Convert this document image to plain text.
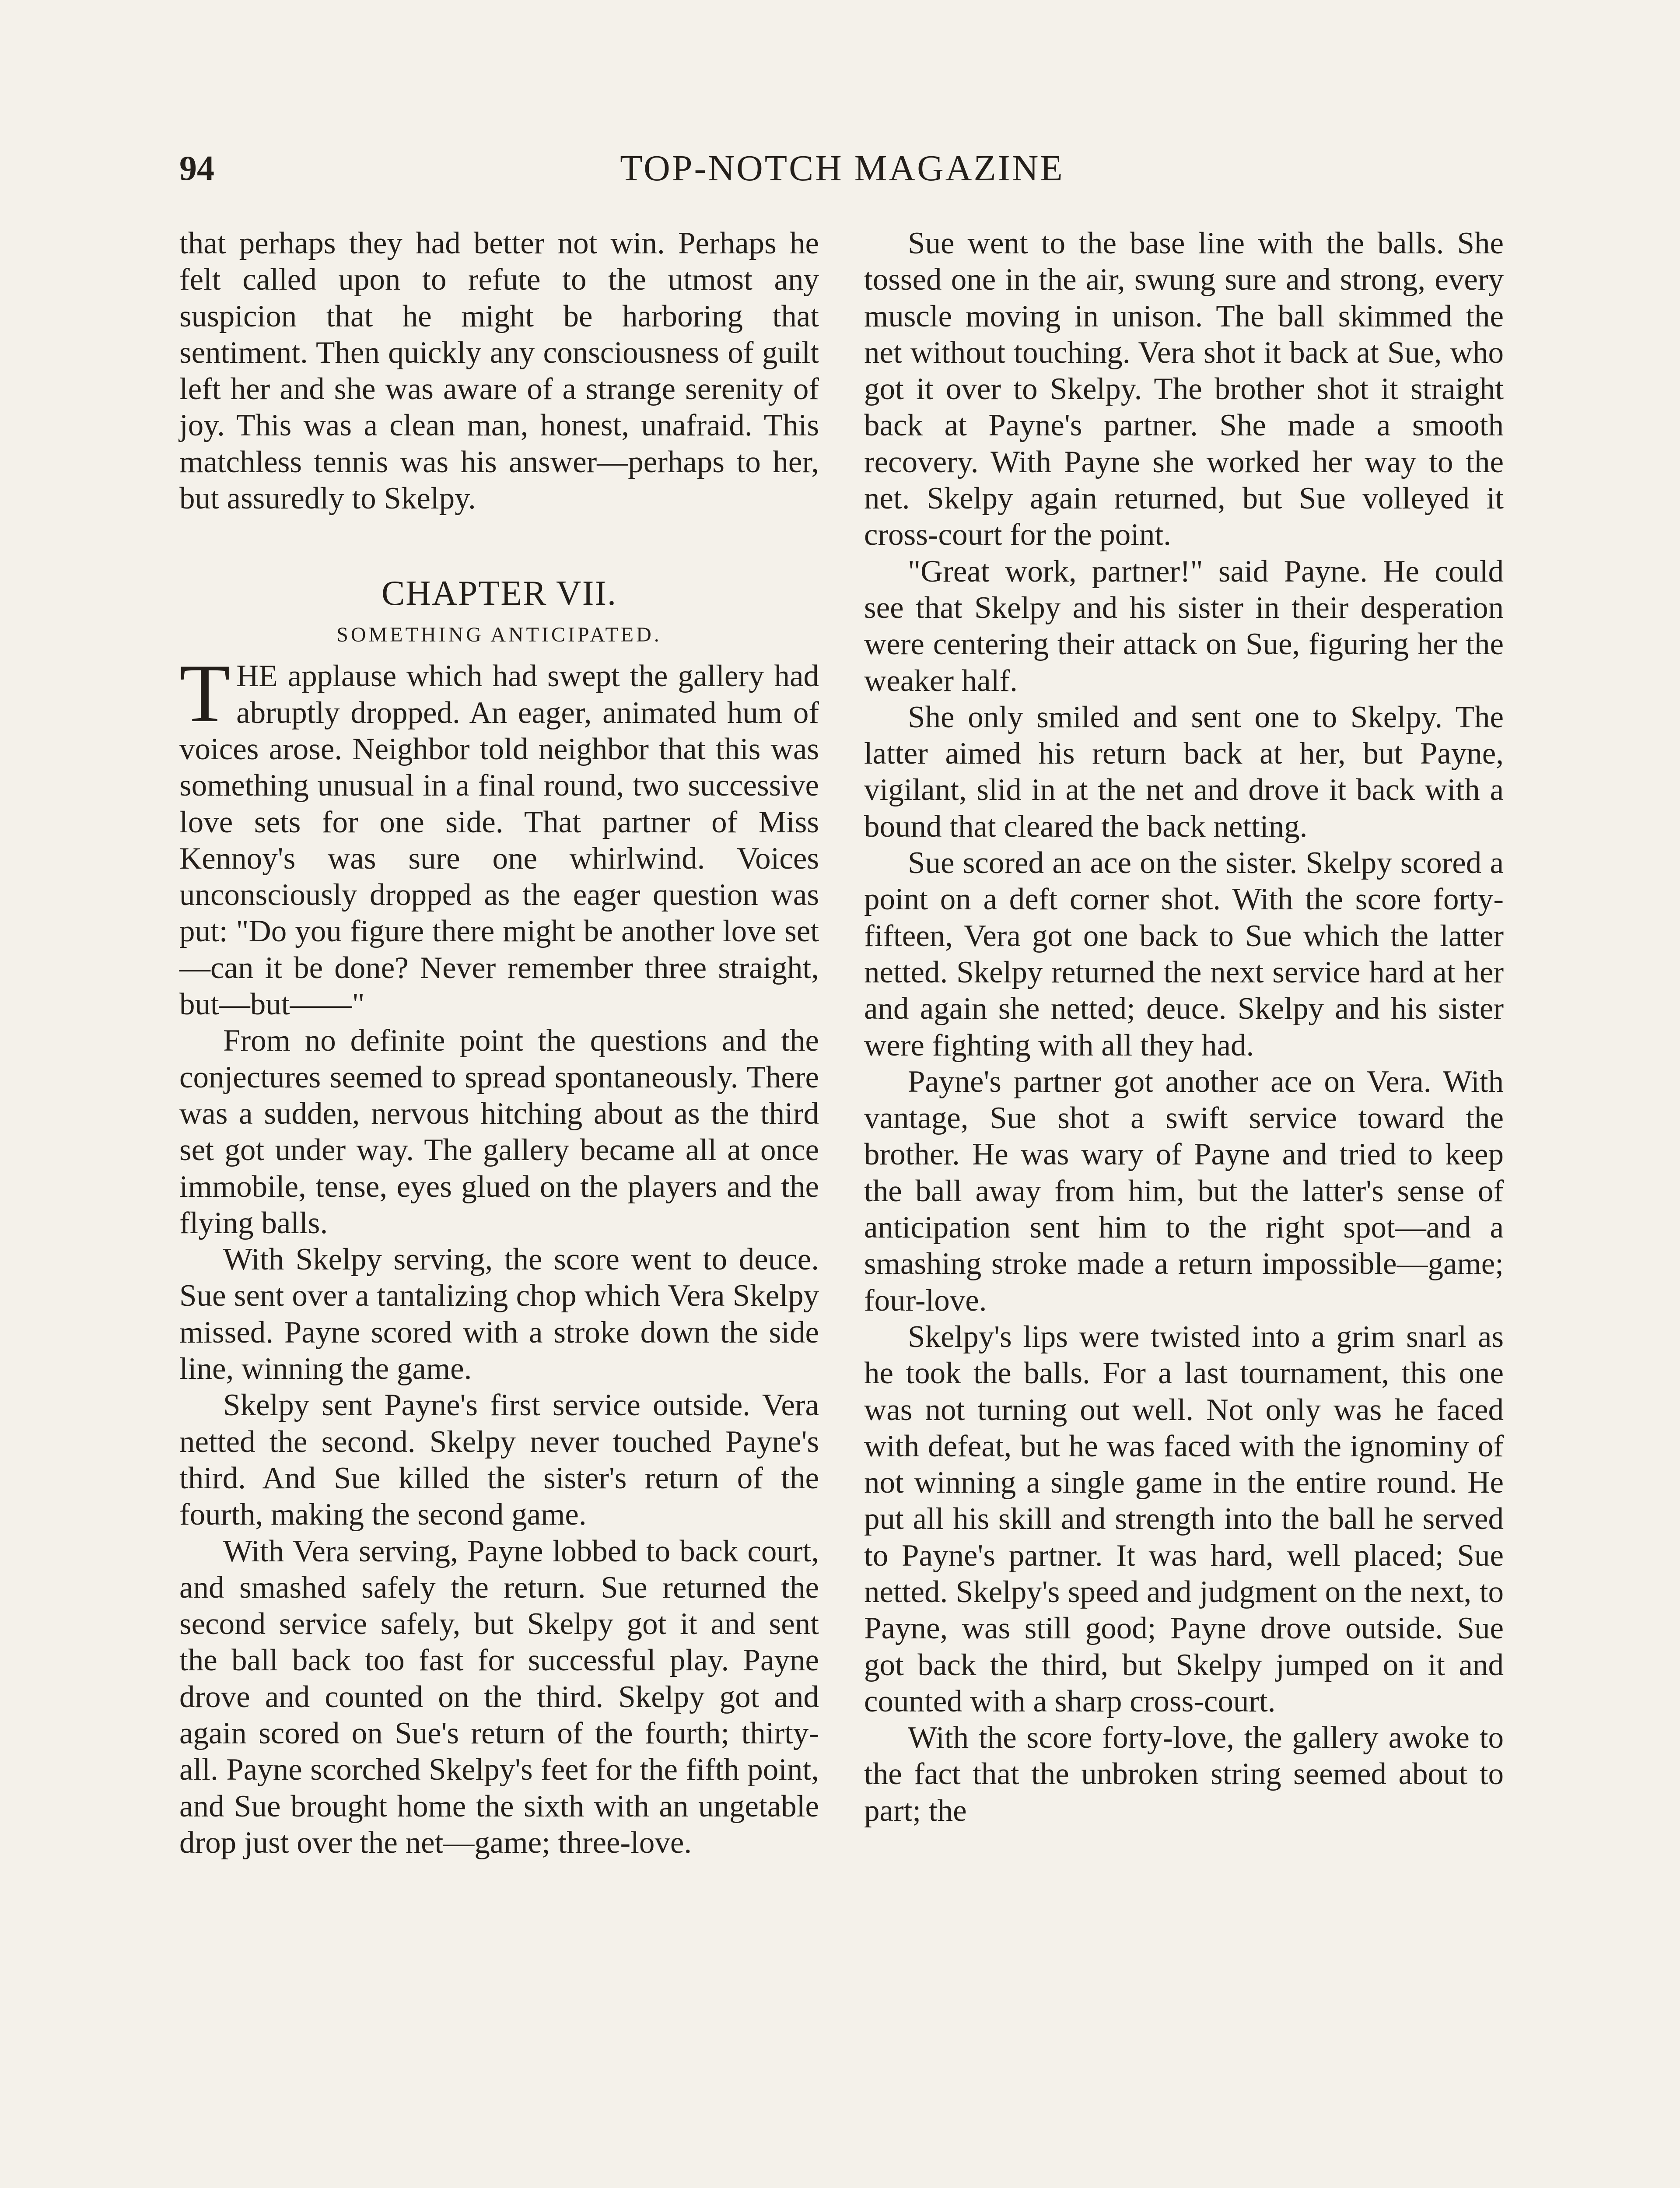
TOP-NOTCH MAGAZINE
94

that perhaps they had better not win. Perhaps he felt called upon to refute to the utmost any suspicion that he might be harboring that sentiment. Then quickly any consciousness of guilt left her and she was aware of a strange serenity of joy. This was a clean man, honest, unafraid. This matchless tennis was his answer—perhaps to her, but assuredly to Skelpy.

CHAPTER VII.
SOMETHING ANTICIPATED.

THE applause which had swept the gallery had abruptly dropped. An eager, animated hum of voices arose. Neighbor told neighbor that this was something unusual in a final round, two successive love sets for one side. That partner of Miss Kennoy's was sure one whirlwind. Voices unconsciously dropped as the eager question was put: "Do you figure there might be another love set—can it be done? Never remember three straight, but—but——"

From no definite point the questions and the conjectures seemed to spread spontaneously. There was a sudden, nervous hitching about as the third set got under way. The gallery became all at once immobile, tense, eyes glued on the players and the flying balls.

With Skelpy serving, the score went to deuce. Sue sent over a tantalizing chop which Vera Skelpy missed. Payne scored with a stroke down the side line, winning the game.

Skelpy sent Payne's first service outside. Vera netted the second. Skelpy never touched Payne's third. And Sue killed the sister's return of the fourth, making the second game.

With Vera serving, Payne lobbed to back court, and smashed safely the return. Sue returned the second service safely, but Skelpy got it and sent the ball back too fast for successful play. Payne drove and counted on the third. Skelpy got and again scored on Sue's return of the fourth; thirty-all. Payne scorched Skelpy's feet for the fifth point, and Sue brought home the sixth with an ungetable drop just over the net—game; three-love.

Sue went to the base line with the balls. She tossed one in the air, swung sure and strong, every muscle moving in unison. The ball skimmed the net without touching. Vera shot it back at Sue, who got it over to Skelpy. The brother shot it straight back at Payne's partner. She made a smooth recovery. With Payne she worked her way to the net. Skelpy again returned, but Sue volleyed it cross-court for the point.

"Great work, partner!" said Payne. He could see that Skelpy and his sister in their desperation were centering their attack on Sue, figuring her the weaker half.

She only smiled and sent one to Skelpy. The latter aimed his return back at her, but Payne, vigilant, slid in at the net and drove it back with a bound that cleared the back netting.

Sue scored an ace on the sister. Skelpy scored a point on a deft corner shot. With the score forty-fifteen, Vera got one back to Sue which the latter netted. Skelpy returned the next service hard at her and again she netted; deuce. Skelpy and his sister were fighting with all they had.

Payne's partner got another ace on Vera. With vantage, Sue shot a swift service toward the brother. He was wary of Payne and tried to keep the ball away from him, but the latter's sense of anticipation sent him to the right spot—and a smashing stroke made a return impossible—game; four-love.

Skelpy's lips were twisted into a grim snarl as he took the balls. For a last tournament, this one was not turning out well. Not only was he faced with defeat, but he was faced with the ignominy of not winning a single game in the entire round. He put all his skill and strength into the ball he served to Payne's partner. It was hard, well placed; Sue netted. Skelpy's speed and judgment on the next, to Payne, was still good; Payne drove outside. Sue got back the third, but Skelpy jumped on it and counted with a sharp cross-court.

With the score forty-love, the gallery awoke to the fact that the unbroken string seemed about to part; the
